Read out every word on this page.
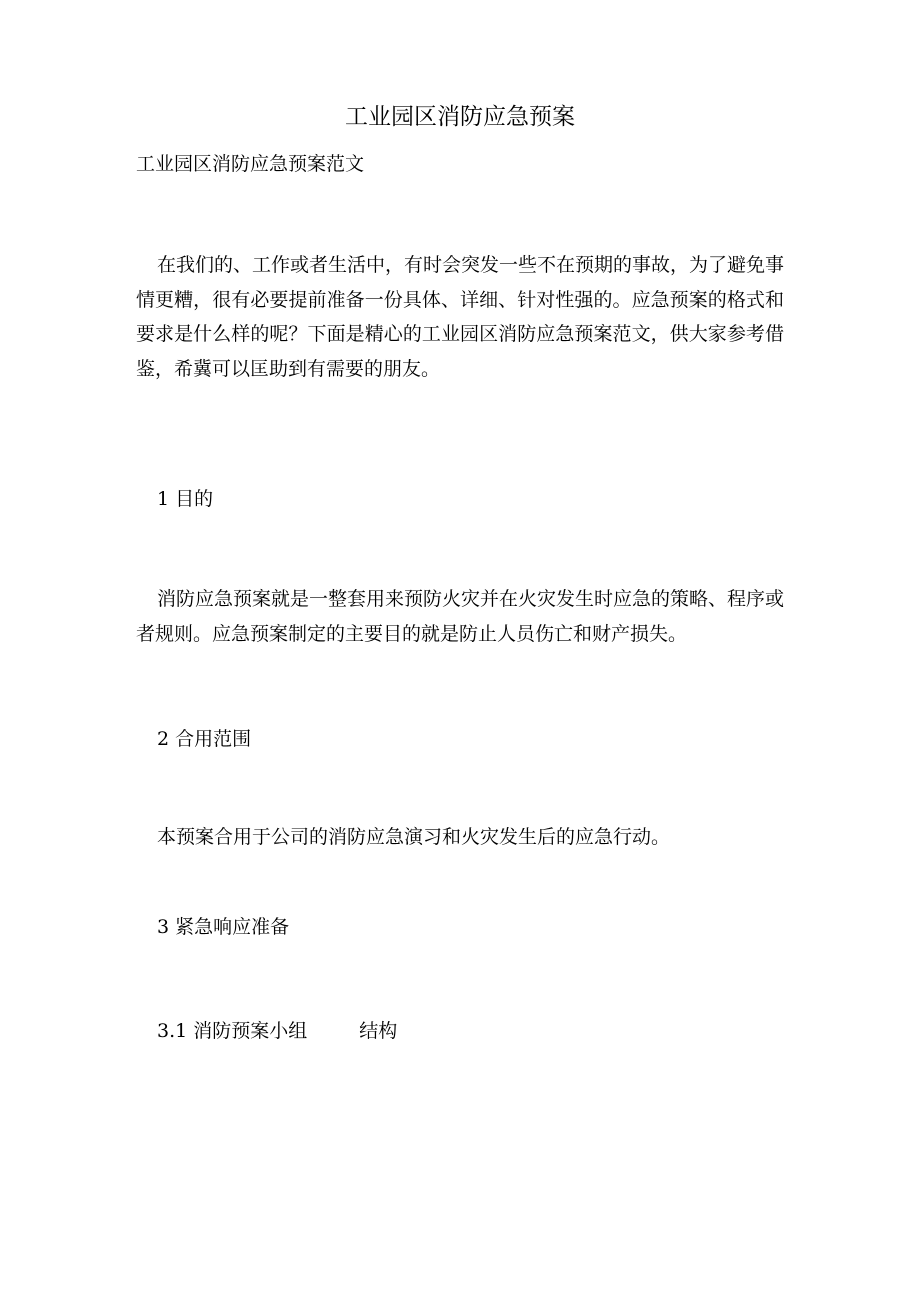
工业园区消防应急预案

工业园区消防应急预案范文

在我们的、工作或者生活中，有时会突发一些不在预期的事故，为了避免事情更糟，很有必要提前准备一份具体、详细、针对性强的。应急预案的格式和要求是什么样的呢？下面是精心的工业园区消防应急预案范文，供大家参考借鉴，希冀可以匡助到有需要的朋友。

1 目的

消防应急预案就是一整套用来预防火灾并在火灾发生时应急的策略、程序或者规则。应急预案制定的主要目的就是防止人员伤亡和财产损失。

2 合用范围

本预案合用于公司的消防应急演习和火灾发生后的应急行动。

3 紧急响应准备

3.1 消防预案小组	结构
